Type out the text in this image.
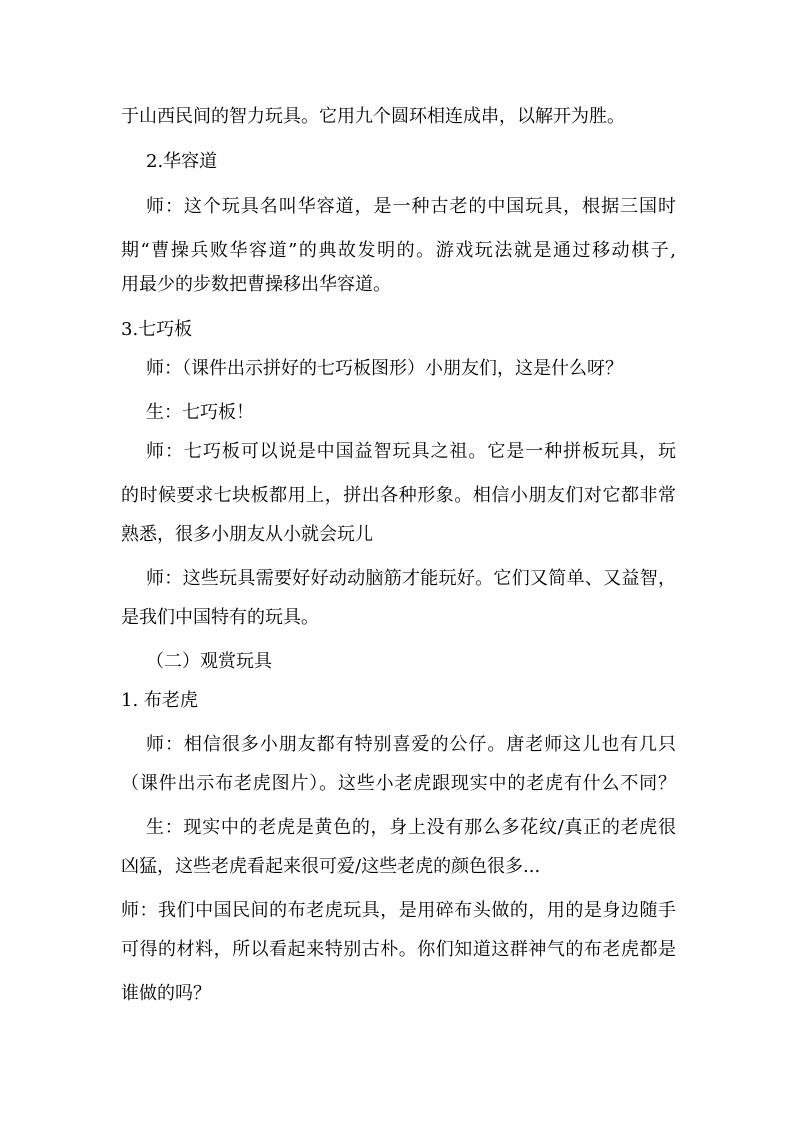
于山西民间的智力玩具。它用九个圆环相连成串，以解开为胜。
2.华容道
师：这个玩具名叫华容道，是一种古老的中国玩具，根据三国时
期“曹操兵败华容道”的典故发明的。游戏玩法就是通过移动棋子,
用最少的步数把曹操移出华容道。
3.七巧板
师：（课件出示拼好的七巧板图形）小朋友们，这是什么呀？
生：七巧板！
师：七巧板可以说是中国益智玩具之祖。它是一种拼板玩具，玩
的时候要求七块板都用上，拼出各种形象。相信小朋友们对它都非常
熟悉，很多小朋友从小就会玩儿
师：这些玩具需要好好动动脑筋才能玩好。它们又简单、又益智，
是我们中国特有的玩具。
（二）观赏玩具
1. 布老虎
师：相信很多小朋友都有特别喜爱的公仔。唐老师这儿也有几只
（课件出示布老虎图片）。这些小老虎跟现实中的老虎有什么不同？
生：现实中的老虎是黄色的，身上没有那么多花纹/真正的老虎很
凶猛，这些老虎看起来很可爱/这些老虎的颜色很多...
师：我们中国民间的布老虎玩具，是用碎布头做的，用的是身边随手
可得的材料，所以看起来特别古朴。你们知道这群神气的布老虎都是
谁做的吗？
